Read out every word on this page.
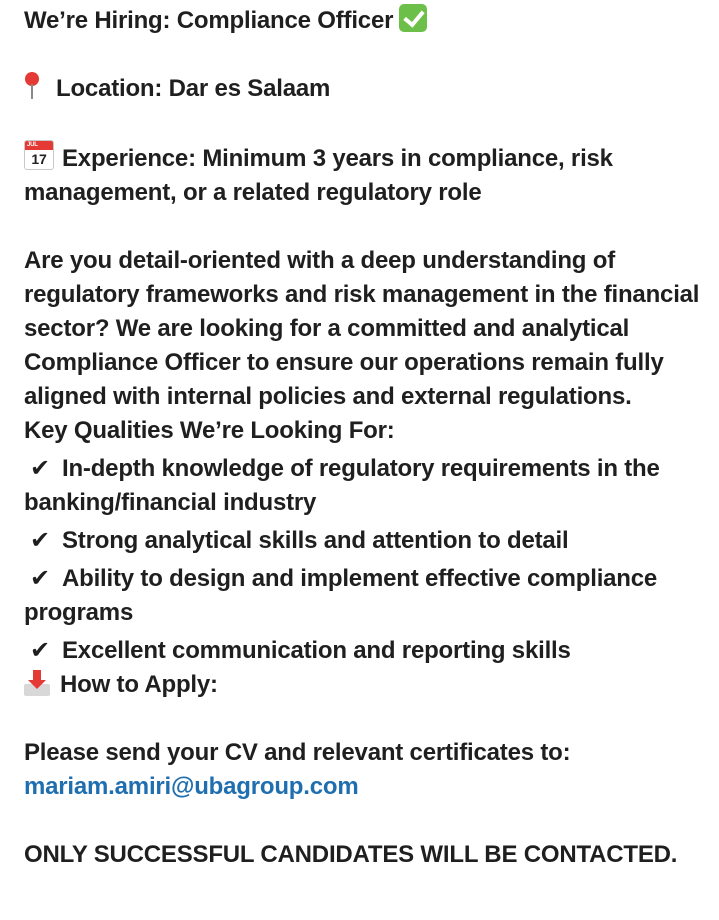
We’re Hiring: Compliance Officer
Location: Dar es Salaam
JUL
17 Experience: Minimum 3 years in compliance, risk management, or a related regulatory role
Are you detail-oriented with a deep understanding of regulatory frameworks and risk management in the financial sector? We are looking for a committed and analytical Compliance Officer to ensure our operations remain fully aligned with internal policies and external regulations.
Key Qualities We’re Looking For:
✔ In-depth knowledge of regulatory requirements in the banking/financial industry
✔ Strong analytical skills and attention to detail
✔ Ability to design and implement effective compliance programs
✔ Excellent communication and reporting skills
How to Apply:
Please send your CV and relevant certificates to:
mariam.amiri@ubagroup.com
ONLY SUCCESSFUL CANDIDATES WILL BE CONTACTED.
